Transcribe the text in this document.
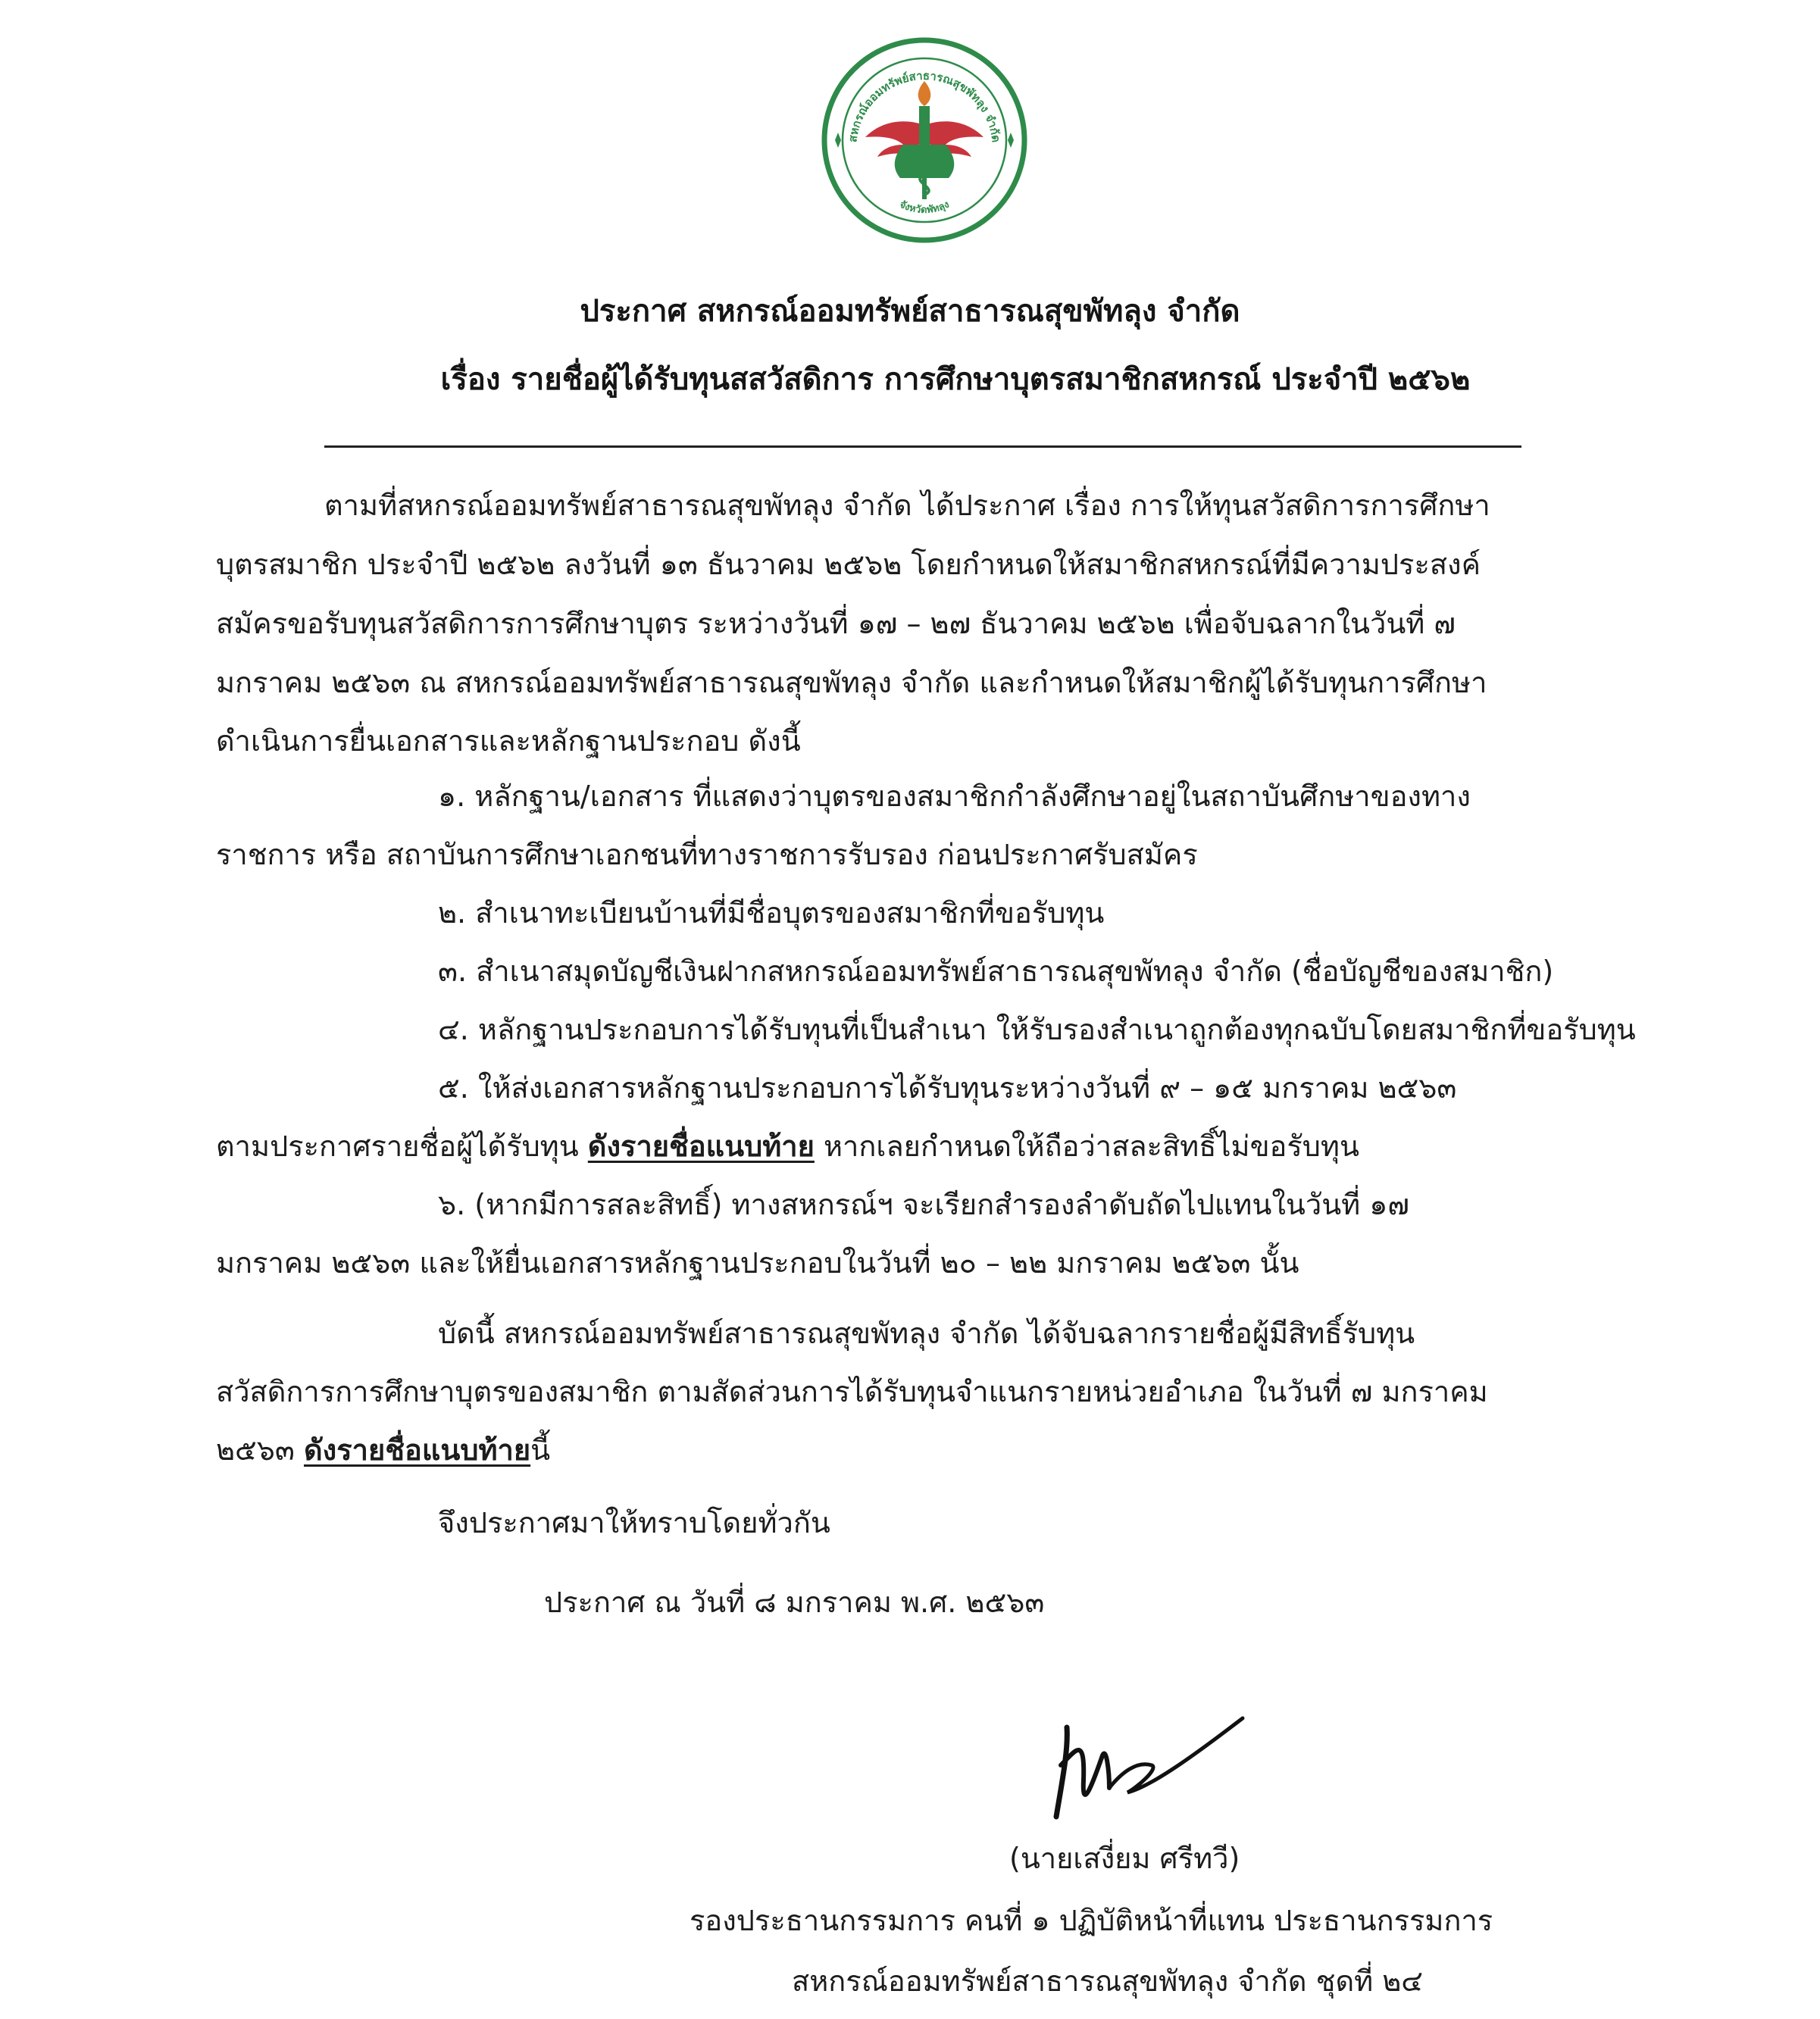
สหกรณ์ออมทรัพย์สาธารณสุขพัทลุง จำกัด
จังหวัดพัทลุง
ประกาศ สหกรณ์ออมทรัพย์สาธารณสุขพัทลุง จำกัด
เรื่อง รายชื่อผู้ได้รับทุนสสวัสดิการ การศึกษาบุตรสมาชิกสหกรณ์ ประจำปี ๒๕๖๒
ตามที่สหกรณ์ออมทรัพย์สาธารณสุขพัทลุง จำกัด ได้ประกาศ เรื่อง การให้ทุนสวัสดิการการศึกษา
บุตรสมาชิก ประจำปี ๒๕๖๒ ลงวันที่ ๑๓ ธันวาคม ๒๕๖๒ โดยกำหนดให้สมาชิกสหกรณ์ที่มีความประสงค์
สมัครขอรับทุนสวัสดิการการศึกษาบุตร ระหว่างวันที่ ๑๗ – ๒๗ ธันวาคม ๒๕๖๒ เพื่อจับฉลากในวันที่ ๗
มกราคม ๒๕๖๓ ณ สหกรณ์ออมทรัพย์สาธารณสุขพัทลุง จำกัด และกำหนดให้สมาชิกผู้ได้รับทุนการศึกษา
ดำเนินการยื่นเอกสารและหลักฐานประกอบ ดังนี้
๑. หลักฐาน/เอกสาร ที่แสดงว่าบุตรของสมาชิกกำลังศึกษาอยู่ในสถาบันศึกษาของทาง
ราชการ หรือ สถาบันการศึกษาเอกชนที่ทางราชการรับรอง ก่อนประกาศรับสมัคร
๒. สำเนาทะเบียนบ้านที่มีชื่อบุตรของสมาชิกที่ขอรับทุน
๓. สำเนาสมุดบัญชีเงินฝากสหกรณ์ออมทรัพย์สาธารณสุขพัทลุง จำกัด (ชื่อบัญชีของสมาชิก)
๔. หลักฐานประกอบการได้รับทุนที่เป็นสำเนา ให้รับรองสำเนาถูกต้องทุกฉบับโดยสมาชิกที่ขอรับทุน
๕. ให้ส่งเอกสารหลักฐานประกอบการได้รับทุนระหว่างวันที่ ๙ – ๑๕ มกราคม ๒๕๖๓
ตามประกาศรายชื่อผู้ได้รับทุน ดังรายชื่อแนบท้าย หากเลยกำหนดให้ถือว่าสละสิทธิ์ไม่ขอรับทุน
๖. (หากมีการสละสิทธิ์) ทางสหกรณ์ฯ จะเรียกสำรองลำดับถัดไปแทนในวันที่ ๑๗
มกราคม ๒๕๖๓ และให้ยื่นเอกสารหลักฐานประกอบในวันที่ ๒๐ – ๒๒ มกราคม ๒๕๖๓ นั้น
บัดนี้ สหกรณ์ออมทรัพย์สาธารณสุขพัทลุง จำกัด ได้จับฉลากรายชื่อผู้มีสิทธิ์รับทุน
สวัสดิการการศึกษาบุตรของสมาชิก ตามสัดส่วนการได้รับทุนจำแนกรายหน่วยอำเภอ ในวันที่ ๗ มกราคม
๒๕๖๓ ดังรายชื่อแนบท้ายนี้
จึงประกาศมาให้ทราบโดยทั่วกัน
ประกาศ ณ วันที่ ๘ มกราคม พ.ศ. ๒๕๖๓
(นายเสงี่ยม ศรีทวี)
รองประธานกรรมการ คนที่ ๑ ปฏิบัติหน้าที่แทน ประธานกรรมการ
สหกรณ์ออมทรัพย์สาธารณสุขพัทลุง จำกัด ชุดที่ ๒๔
